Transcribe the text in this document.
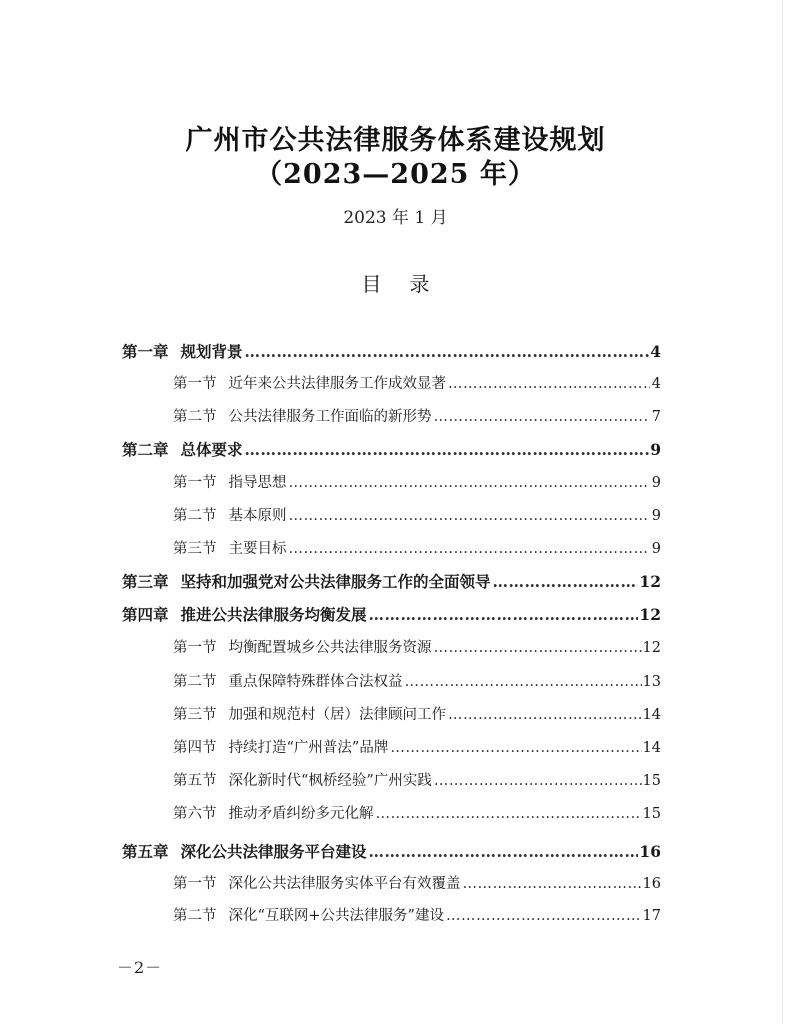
广州市公共法律服务体系建设规划
（2023—2025 年）
2023 年 1 月
目录
第一章 规划背景 ……………………………………………………………………………………………………………………………………………………………………	4
第一节 近年来公共法律服务工作成效显著 ………………………………………………………………………………………………………………………………………………………………	4
第二节 公共法律服务工作面临的新形势 ………………………………………………………………………………………………………………………………………………………………	7
第二章 总体要求 ……………………………………………………………………………………………………………………………………………………………………	9
第一节 指导思想 ………………………………………………………………………………………………………………………………………………………………	9
第二节 基本原则 ………………………………………………………………………………………………………………………………………………………………	9
第三节 主要目标 ………………………………………………………………………………………………………………………………………………………………	9
第三章 坚持和加强党对公共法律服务工作的全面领导 ……………………………………………………………………………………………………………………………………………………………………	12
第四章 推进公共法律服务均衡发展 ……………………………………………………………………………………………………………………………………………………………………	12
第一节 均衡配置城乡公共法律服务资源 ………………………………………………………………………………………………………………………………………………………………	12
第二节 重点保障特殊群体合法权益 ………………………………………………………………………………………………………………………………………………………………	13
第三节 加强和规范村（居）法律顾问工作 ………………………………………………………………………………………………………………………………………………………………	14
第四节 持续打造“广州普法”品牌 ………………………………………………………………………………………………………………………………………………………………	14
第五节 深化新时代“枫桥经验”广州实践 ………………………………………………………………………………………………………………………………………………………………	15
第六节 推动矛盾纠纷多元化解 ………………………………………………………………………………………………………………………………………………………………	15
第五章 深化公共法律服务平台建设 ……………………………………………………………………………………………………………………………………………………………………	16
第一节 深化公共法律服务实体平台有效覆盖 ………………………………………………………………………………………………………………………………………………………………	16
第二节 深化“互联网+公共法律服务”建设 ………………………………………………………………………………………………………………………………………………………………	17
－2－
